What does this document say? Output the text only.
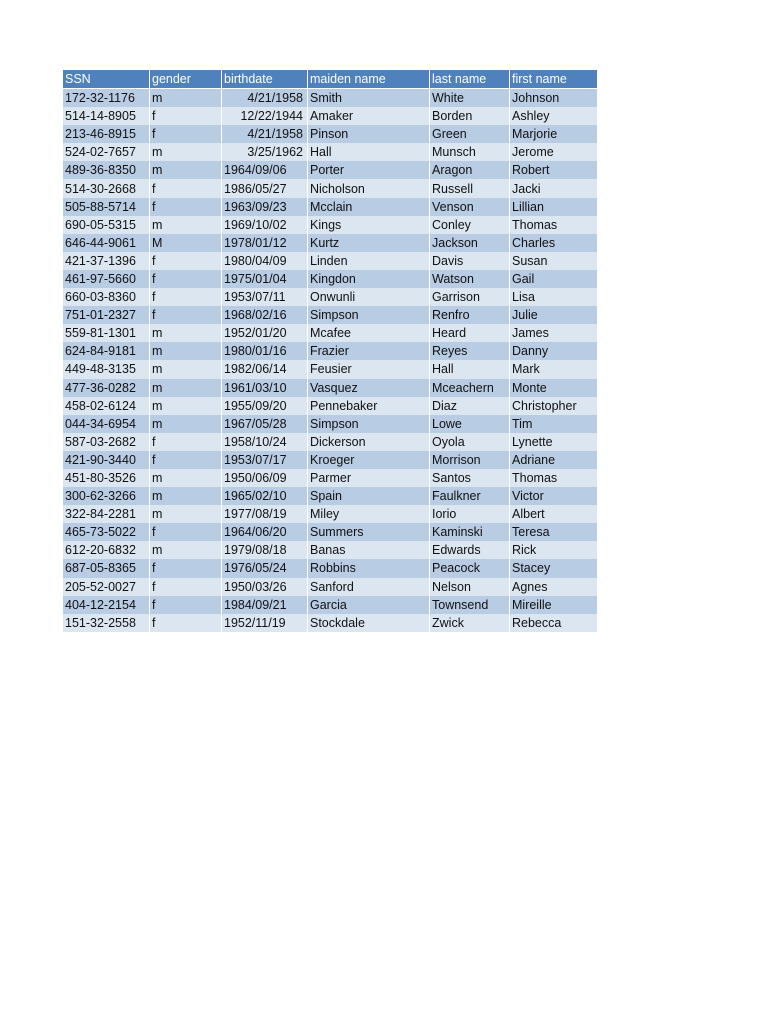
SSN	gender	birthdate	maiden name	last name	first name
172-32-1176	m	4/21/1958	Smith	White	Johnson
514-14-8905	f	12/22/1944	Amaker	Borden	Ashley
213-46-8915	f	4/21/1958	Pinson	Green	Marjorie
524-02-7657	m	3/25/1962	Hall	Munsch	Jerome
489-36-8350	m	1964/09/06	Porter	Aragon	Robert
514-30-2668	f	1986/05/27	Nicholson	Russell	Jacki
505-88-5714	f	1963/09/23	Mcclain	Venson	Lillian
690-05-5315	m	1969/10/02	Kings	Conley	Thomas
646-44-9061	M	1978/01/12	Kurtz	Jackson	Charles
421-37-1396	f	1980/04/09	Linden	Davis	Susan
461-97-5660	f	1975/01/04	Kingdon	Watson	Gail
660-03-8360	f	1953/07/11	Onwunli	Garrison	Lisa
751-01-2327	f	1968/02/16	Simpson	Renfro	Julie
559-81-1301	m	1952/01/20	Mcafee	Heard	James
624-84-9181	m	1980/01/16	Frazier	Reyes	Danny
449-48-3135	m	1982/06/14	Feusier	Hall	Mark
477-36-0282	m	1961/03/10	Vasquez	Mceachern	Monte
458-02-6124	m	1955/09/20	Pennebaker	Diaz	Christopher
044-34-6954	m	1967/05/28	Simpson	Lowe	Tim
587-03-2682	f	1958/10/24	Dickerson	Oyola	Lynette
421-90-3440	f	1953/07/17	Kroeger	Morrison	Adriane
451-80-3526	m	1950/06/09	Parmer	Santos	Thomas
300-62-3266	m	1965/02/10	Spain	Faulkner	Victor
322-84-2281	m	1977/08/19	Miley	Iorio	Albert
465-73-5022	f	1964/06/20	Summers	Kaminski	Teresa
612-20-6832	m	1979/08/18	Banas	Edwards	Rick
687-05-8365	f	1976/05/24	Robbins	Peacock	Stacey
205-52-0027	f	1950/03/26	Sanford	Nelson	Agnes
404-12-2154	f	1984/09/21	Garcia	Townsend	Mireille
151-32-2558	f	1952/11/19	Stockdale	Zwick	Rebecca
